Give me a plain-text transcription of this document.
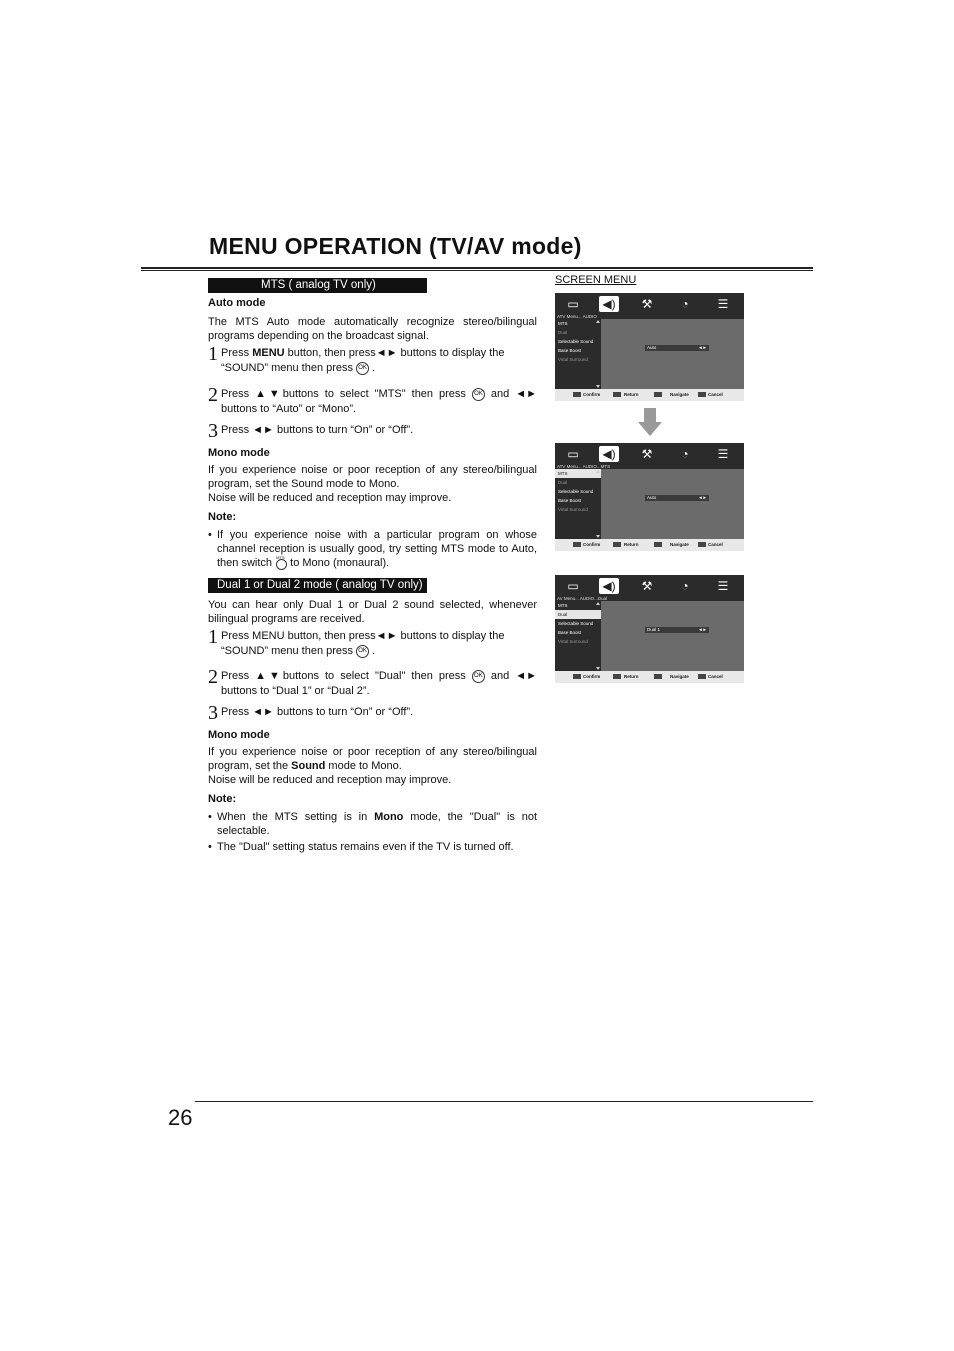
MENU OPERATION (TV/AV mode)
MTS ( analog TV only)
Auto mode
The MTS Auto mode automatically recognize stereo/bilingual programs depending on the broadcast signal.
1 Press MENU button, then press◄► buttons to display the “SOUND” menu then press OK .
2 Press ▲▼buttons to select "MTS" then press OK and ◄► buttons to “Auto” or “Mono”.
3 Press ◄► buttons to turn “On” or “Off”.
Mono mode
If you experience noise or poor reception of any stereo/bilingual program, set the Sound mode to Mono.
Noise will be reduced and reception may improve.
Note:
• If you experience noise with a particular program on whose channel reception is usually good, try setting MTS mode to Auto, then switch MTS to Mono (monaural).
Dual 1 or Dual 2 mode ( analog TV only)
You can hear only Dual 1 or Dual 2 sound selected, whenever bilingual programs are received.
1 Press MENU button, then press◄► buttons to display the “SOUND” menu then press OK .
2 Press ▲▼buttons to select "Dual" then press OK and ◄► buttons to “Dual 1” or “Dual 2”.
3 Press ◄► buttons to turn “On” or “Off”.
Mono mode
If you experience noise or poor reception of any stereo/bilingual program, set the Sound mode to Mono.
Noise will be reduced and reception may improve.
Note:
• When the MTS setting is in Mono mode, the "Dual" is not selectable.
• The "Dual" setting status remains even if the TV is turned off.
SCREEN MENU
▭	◀)	⚒	◔	☰
ATV Menu... AUDIO
Auto	◄►
MTS
Dual
Selectable Sound
Base Boost
Virtal Surround
Confirm	Return	Navigate	Cancel
▭	◀)	⚒	◔	☰
ATV Menu... AUDIO...MTS
Auto	◄►
MTS
Dual
Selectable Sound
Base Boost
Virtal Surround
Confirm	Return	Navigate	Cancel
▭	◀)	⚒	◔	☰
AV Menu... AUDIO...Dual
Dual 1	◄►
MTS
Dual
Selectable Sound
Base Boost
Virtal Surround
Confirm	Return	Navigate	Cancel
26
